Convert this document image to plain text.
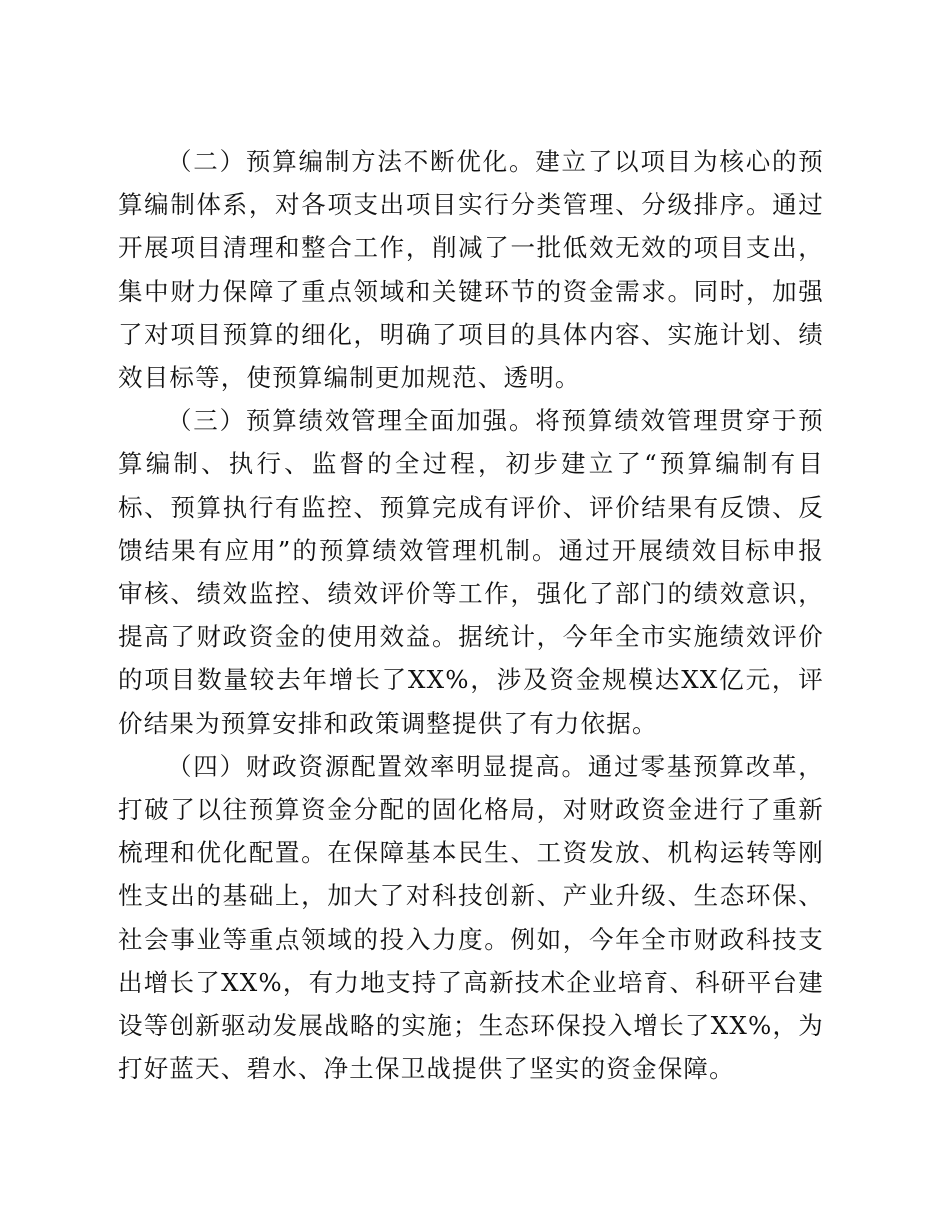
（二）预算编制方法不断优化。建立了以项目为核心的预算编制体系，对各项支出项目实行分类管理、分级排序。通过开展项目清理和整合工作，削减了一批低效无效的项目支出，集中财力保障了重点领域和关键环节的资金需求。同时，加强了对项目预算的细化，明确了项目的具体内容、实施计划、绩效目标等，使预算编制更加规范、透明。

（三）预算绩效管理全面加强。将预算绩效管理贯穿于预算编制、执行、监督的全过程，初步建立了“预算编制有目标、预算执行有监控、预算完成有评价、评价结果有反馈、反馈结果有应用”的预算绩效管理机制。通过开展绩效目标申报审核、绩效监控、绩效评价等工作，强化了部门的绩效意识，提高了财政资金的使用效益。据统计，今年全市实施绩效评价的项目数量较去年增长了XX%，涉及资金规模达XX亿元，评价结果为预算安排和政策调整提供了有力依据。

（四）财政资源配置效率明显提高。通过零基预算改革，打破了以往预算资金分配的固化格局，对财政资金进行了重新梳理和优化配置。在保障基本民生、工资发放、机构运转等刚性支出的基础上，加大了对科技创新、产业升级、生态环保、社会事业等重点领域的投入力度。例如，今年全市财政科技支出增长了XX%，有力地支持了高新技术企业培育、科研平台建设等创新驱动发展战略的实施；生态环保投入增长了XX%，为打好蓝天、碧水、净土保卫战提供了坚实的资金保障。
